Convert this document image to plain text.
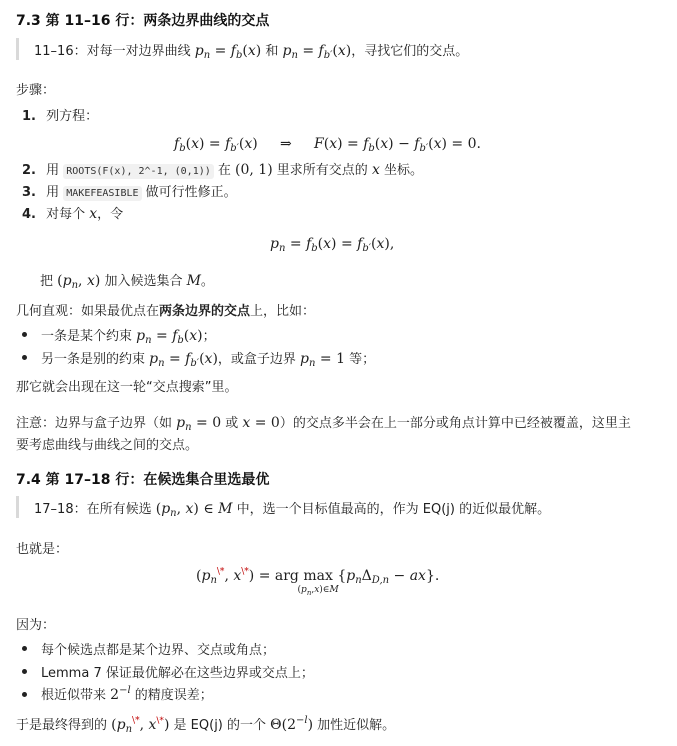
7.3 第 11–16 行：两条边界曲线的交点
11–16：对每一对边界曲线 $p_n = f_b(x)$ 和 $p_n = f_{b'}(x)$，寻找它们的交点。
步骤：
1. 列方程：
$f_b(x) = f_{b'}(x)$     ⇒     $F(x) = f_b(x) - f_{b'}(x) = 0$.
2. 用 ROOTS(F(x), 2^-1, (0,1)) 在 (0, 1) 里求所有交点的 x 坐标。
3. 用 MAKEFEASIBLE 做可行性修正。
4. 对每个 x，令
$p_n = f_b(x) = f_{b'}(x)$,
把 ($p_n$, x) 加入候选集合 M。
几何直观：如果最优点在两条边界的交点上，比如：
一条是某个约束 $p_n = f_b(x)$；
另一条是别的约束 $p_n = f_{b'}(x)$，或盒子边界 $p_n = 1$ 等；
那它就会出现在这一轮“交点搜索”里。
注意：边界与盒子边界（如 $p_n = 0$ 或 x = 0）的交点多半会在上一部分或角点计算中已经被覆盖，这里主
要考虑曲线与曲线之间的交点。
7.4 第 17–18 行：在候选集合里选最优
17–18：在所有候选 ($p_n$, x) ∈ M 中，选一个目标值最高的，作为 EQ(j) 的近似最优解。
也就是：
($p_n^{\backslash*}$, x\*) = arg max
$(p_n,x)\in M$
$\{p_n\Delta_{D,n} - ax\}$.
因为：
每个候选点都是某个边界、交点或角点；
Lemma 7 保证最优解必在这些边界或交点上；
根近似带来 $2^{-l}$ 的精度误差；
于是最终得到的 ($p_n^{\backslash*}$, x\*) 是 EQ(j) 的一个 $\Theta(2^{-l})$ 加性近似解。
